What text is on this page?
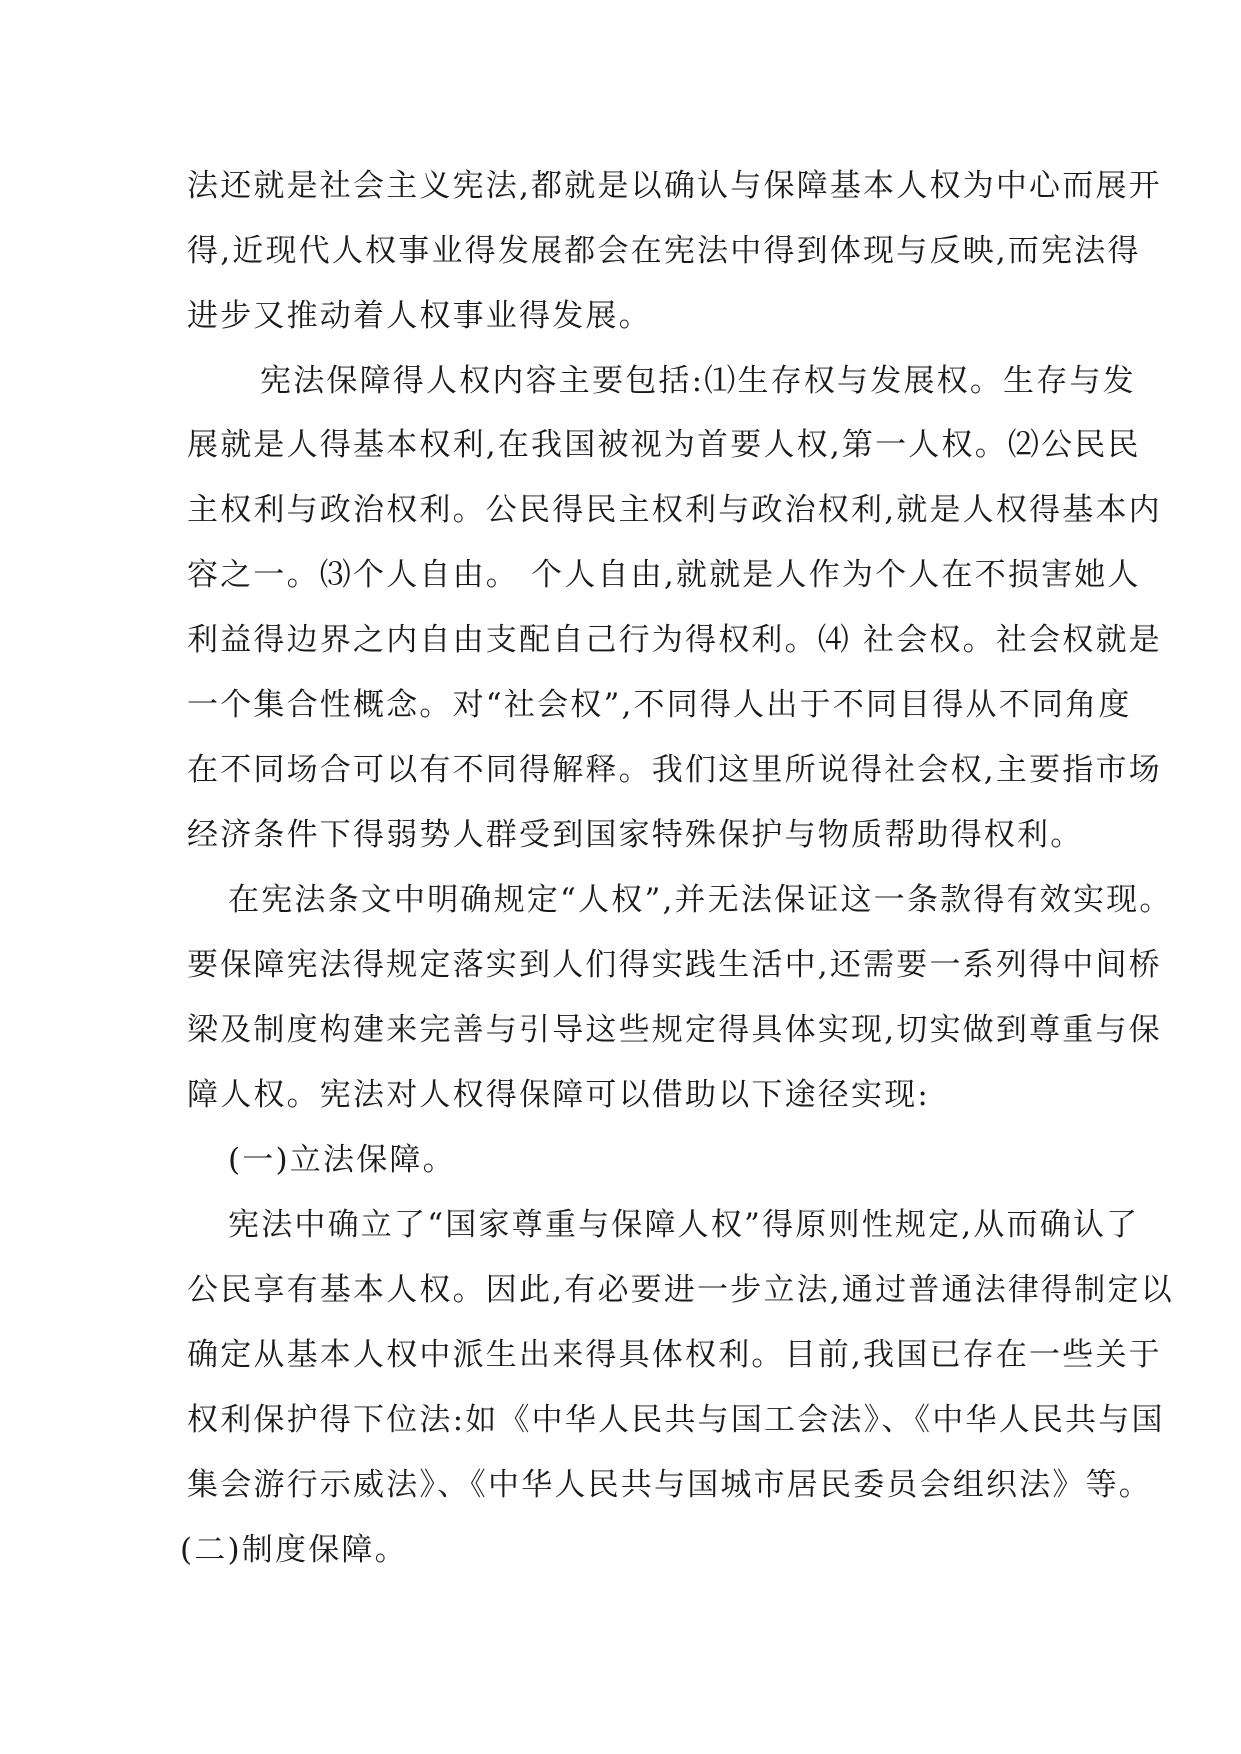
法还就是社会主义宪法,都就是以确认与保障基本人权为中心而展开
得,近现代人权事业得发展都会在宪法中得到体现与反映,而宪法得
进步又推动着人权事业得发展。
宪法保障得人权内容主要包括:⑴生存权与发展权。生存与发
展就是人得基本权利,在我国被视为首要人权,第一人权。⑵公民民
主权利与政治权利。公民得民主权利与政治权利,就是人权得基本内
容之一。⑶个人自由。 个人自由,就就是人作为个人在不损害她人
利益得边界之内自由支配自己行为得权利。⑷ 社会权。社会权就是
一个集合性概念。对“社会权”,不同得人出于不同目得从不同角度
在不同场合可以有不同得解释。我们这里所说得社会权,主要指市场
经济条件下得弱势人群受到国家特殊保护与物质帮助得权利。
在宪法条文中明确规定“人权”,并无法保证这一条款得有效实现。
要保障宪法得规定落实到人们得实践生活中,还需要一系列得中间桥
梁及制度构建来完善与引导这些规定得具体实现,切实做到尊重与保
障人权。宪法对人权得保障可以借助以下途径实现:
(一)立法保障。
宪法中确立了“国家尊重与保障人权”得原则性规定,从而确认了
公民享有基本人权。因此,有必要进一步立法,通过普通法律得制定以
确定从基本人权中派生出来得具体权利。目前,我国已存在一些关于
权利保护得下位法:如《中华人民共与国工会法》、《中华人民共与国
集会游行示威法》、《中华人民共与国城市居民委员会组织法》等。
(二)制度保障。
